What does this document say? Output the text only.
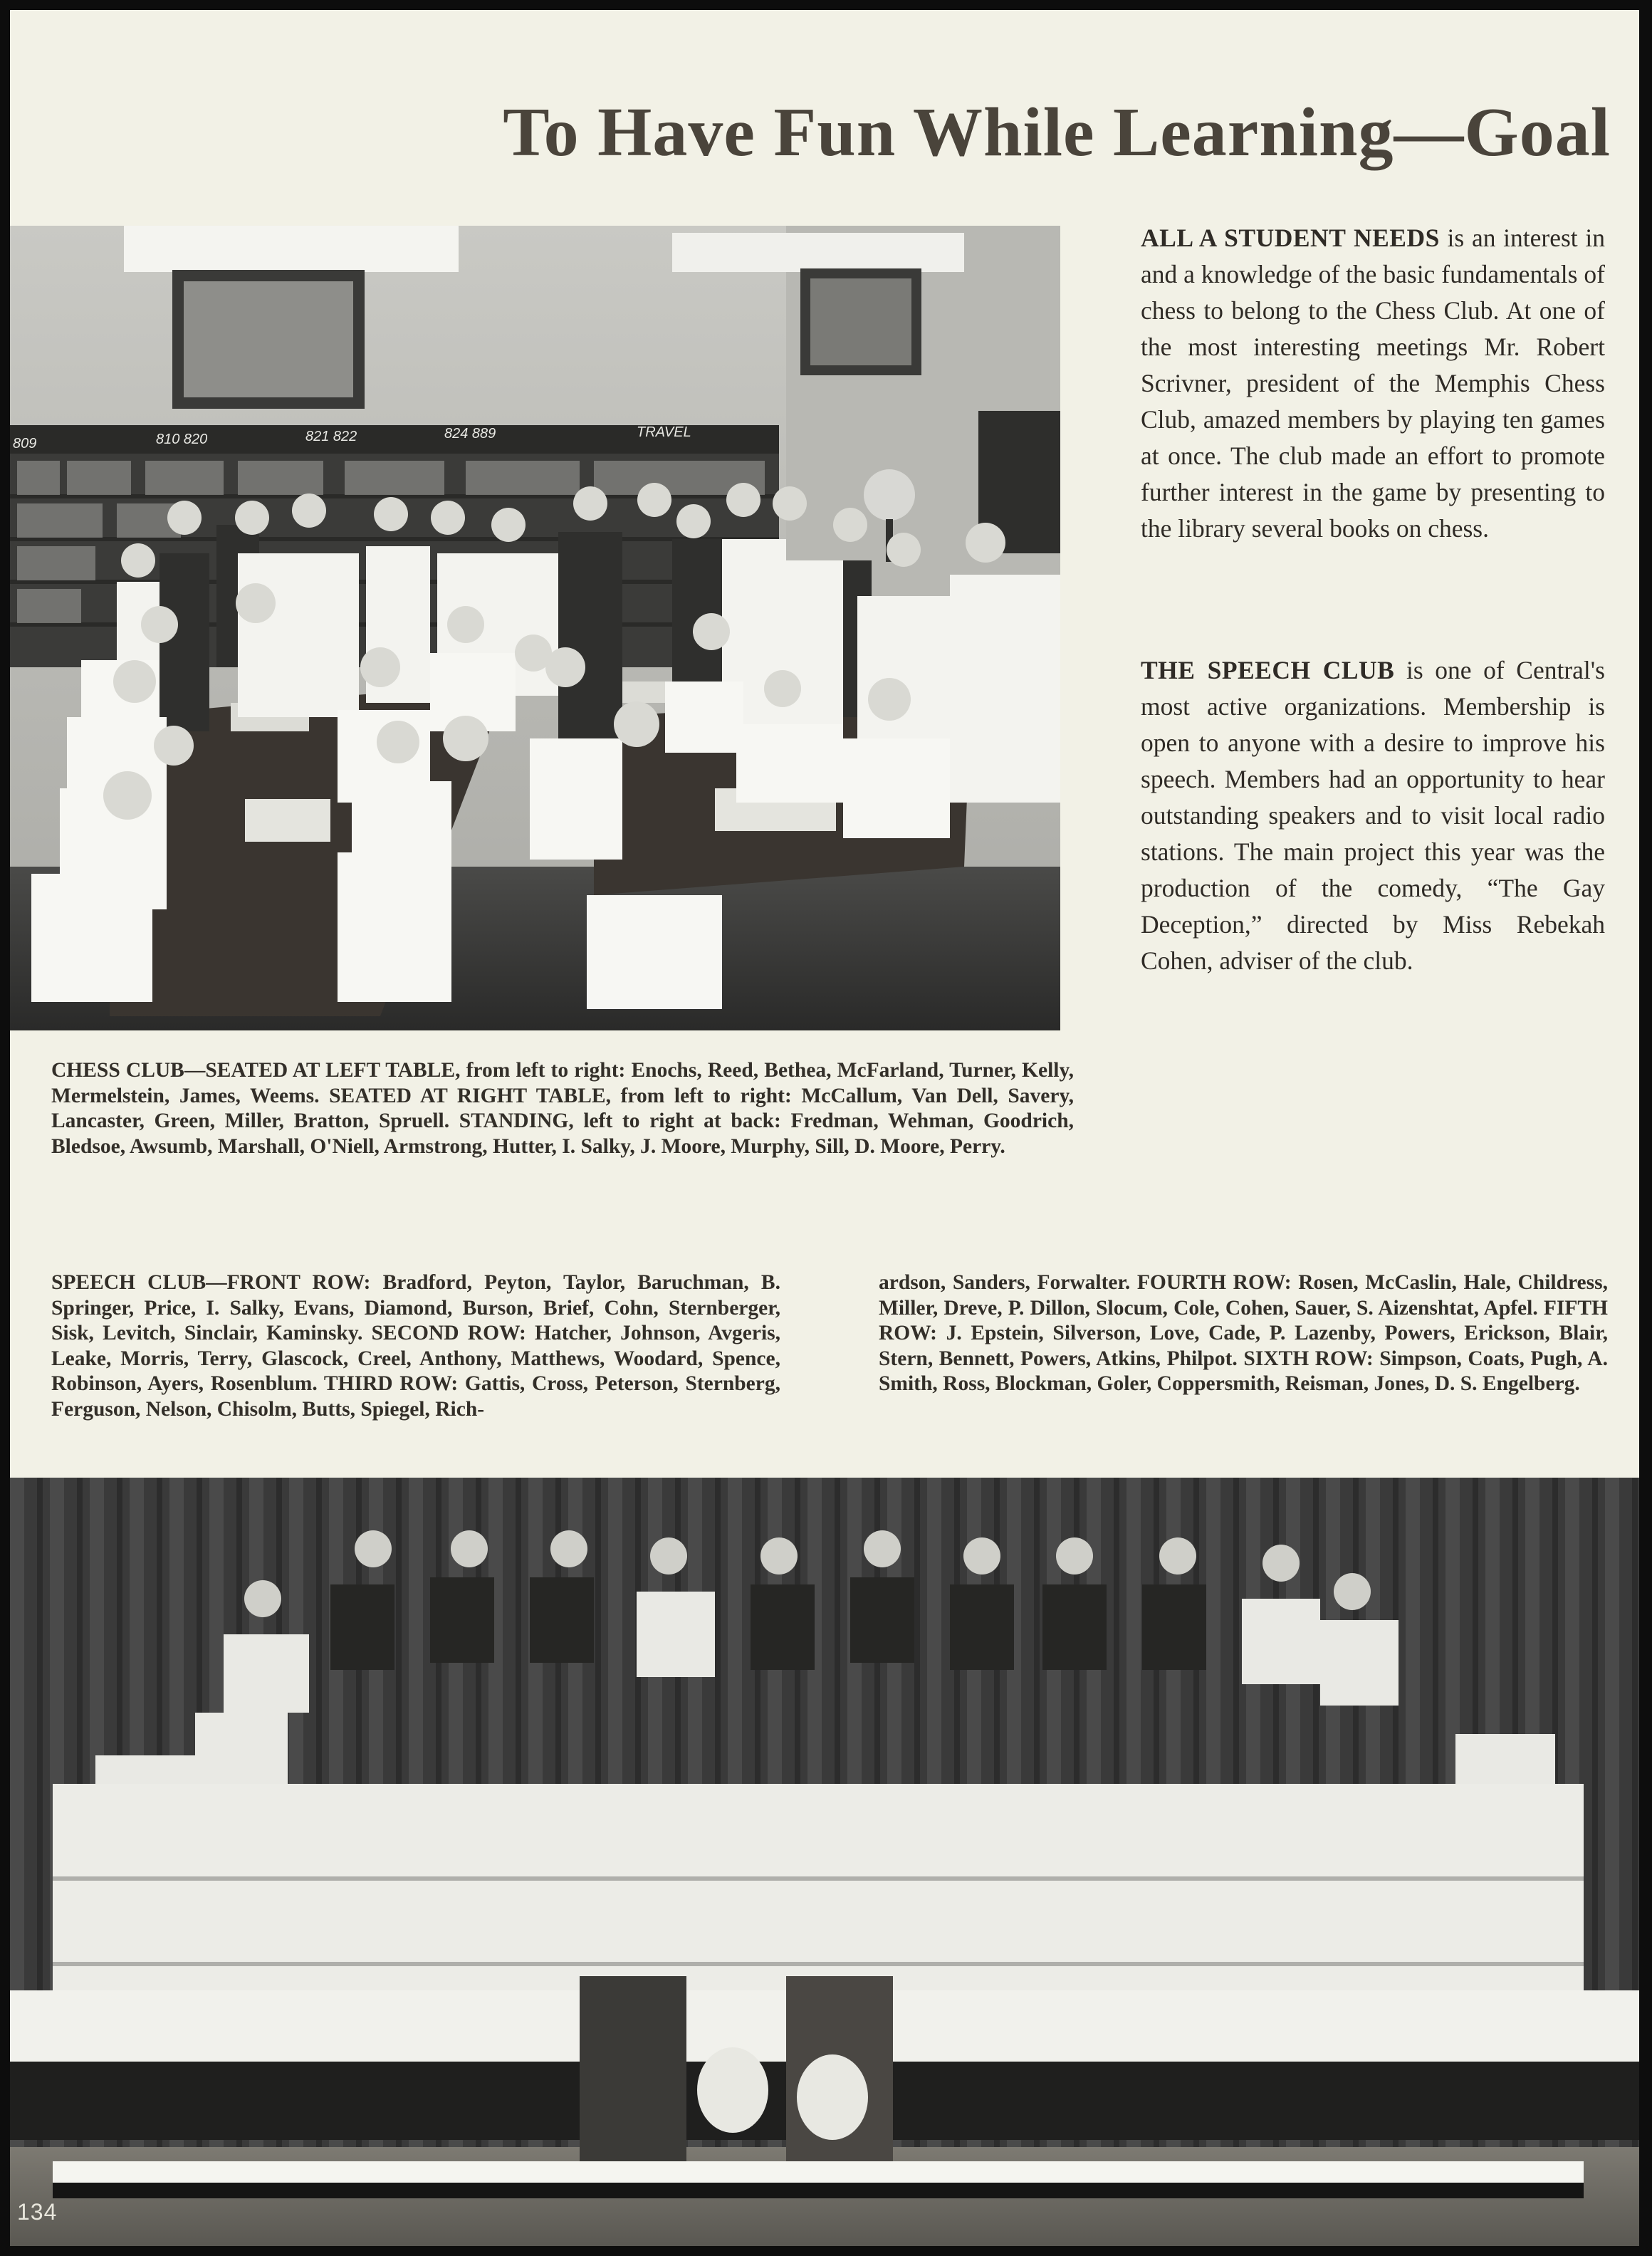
To Have Fun While Learning—Goal
809	810 820	821 822	824 889	TRAVEL

ALL A STUDENT NEEDS is an interest in and a knowledge of the basic fundamentals of chess to belong to the Chess Club. At one of the most interesting meetings Mr. Robert Scrivner, president of the Memphis Chess Club, amazed members by playing ten games at once. The club made an effort to promote further interest in the game by presenting to the library several books on chess.

THE SPEECH CLUB is one of Central's most active organizations. Membership is open to anyone with a desire to improve his speech. Members had an opportunity to hear outstanding speakers and to visit local radio stations. The main project this year was the production of the comedy, “The Gay Deception,” directed by Miss Rebekah Cohen, adviser of the club.

CHESS CLUB—SEATED AT LEFT TABLE, from left to right: Enochs, Reed, Bethea, McFarland, Turner, Kelly, Mermelstein, James, Weems. SEATED AT RIGHT TABLE, from left to right: McCallum, Van Dell, Savery, Lancaster, Green, Miller, Bratton, Spruell. STANDING, left to right at back: Fredman, Wehman, Goodrich, Bledsoe, Awsumb, Marshall, O'Niell, Armstrong, Hutter, I. Salky, J. Moore, Murphy, Sill, D. Moore, Perry.

SPEECH CLUB—FRONT ROW: Bradford, Peyton, Taylor, Baruchman, B. Springer, Price, I. Salky, Evans, Diamond, Burson, Brief, Cohn, Sternberger, Sisk, Levitch, Sinclair, Kaminsky. SECOND ROW: Hatcher, Johnson, Avgeris, Leake, Morris, Terry, Glascock, Creel, Anthony, Matthews, Woodard, Spence, Robinson, Ayers, Rosenblum. THIRD ROW: Gattis, Cross, Peterson, Sternberg, Ferguson, Nelson, Chisolm, Butts, Spiegel, Rich-

ardson, Sanders, Forwalter. FOURTH ROW: Rosen, McCaslin, Hale, Childress, Miller, Dreve, P. Dillon, Slocum, Cole, Cohen, Sauer, S. Aizenshtat, Apfel. FIFTH ROW: J. Epstein, Silverson, Love, Cade, P. Lazenby, Powers, Erickson, Blair, Stern, Bennett, Powers, Atkins, Philpot. SIXTH ROW: Simpson, Coats, Pugh, A. Smith, Ross, Blockman, Goler, Coppersmith, Reisman, Jones, D. S. Engelberg.

134
